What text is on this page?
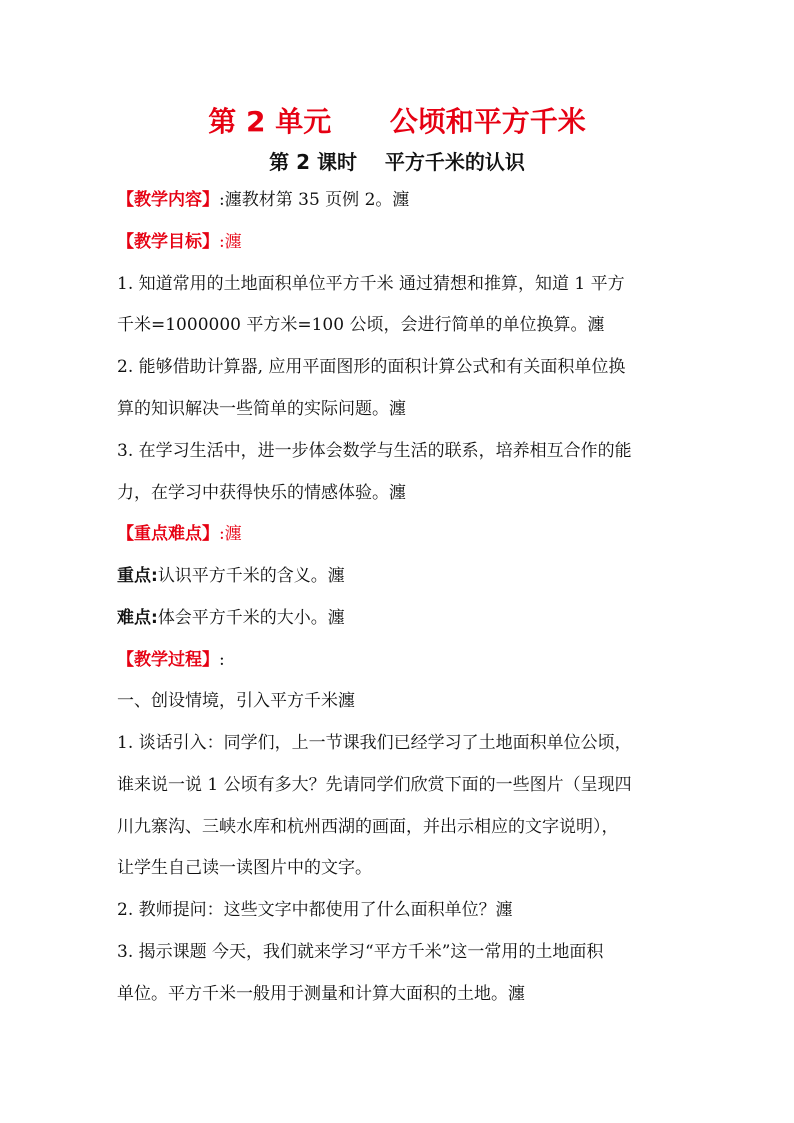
第 2 单元      公顷和平方千米
第 2 课时    平方千米的认识
【教学内容】:瀍教材第 35 页例 2。瀍
【教学目标】:瀍
1. 知道常用的土地面积单位平方千米 通过猜想和推算，知道 1 平方
千米=1000000 平方米=100 公顷，会进行简单的单位换算。瀍
2. 能够借助计算器, 应用平面图形的面积计算公式和有关面积单位换
算的知识解决一些简单的实际问题。瀍
3. 在学习生活中，进一步体会数学与生活的联系，培养相互合作的能
力，在学习中获得快乐的情感体验。瀍
【重点难点】:瀍
重点:认识平方千米的含义。瀍
难点:体会平方千米的大小。瀍
【教学过程】:
一、创设情境，引入平方千米瀍
1. 谈话引入：同学们，上一节课我们已经学习了土地面积单位公顷，
谁来说一说 1 公顷有多大？先请同学们欣赏下面的一些图片（呈现四
川九寨沟、三峡水库和杭州西湖的画面，并出示相应的文字说明），
让学生自己读一读图片中的文字。
2. 教师提问：这些文字中都使用了什么面积单位？瀍
3. 揭示课题 今天，我们就来学习“平方千米”这一常用的土地面积
单位。平方千米一般用于测量和计算大面积的土地。瀍
